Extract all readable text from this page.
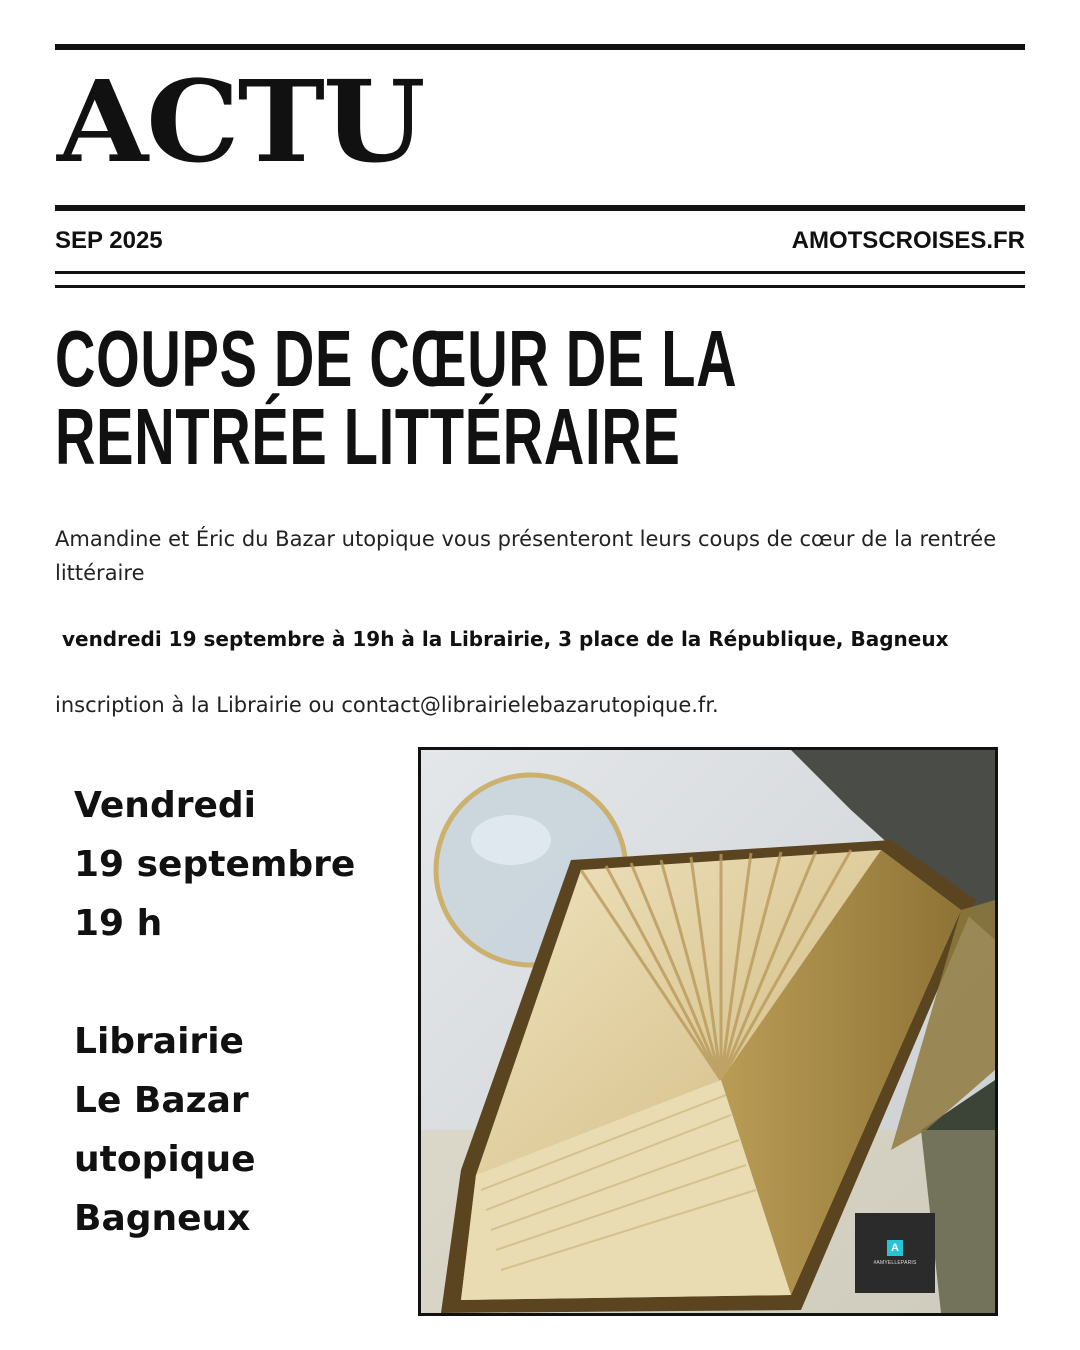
ACTU
SEP 2025	AMOTSCROISES.FR
COUPS DE CŒUR DE LA
RENTRÉE LITTÉRAIRE
Amandine et Éric du Bazar utopique vous présenteront leurs coups de cœur de la rentrée  littéraire
vendredi 19 septembre à 19h à la Librairie, 3 place de la République, Bagneux
inscription à la Librairie ou contact@librairielebazarutopique.fr.
Vendredi
19 septembre
19 h
Librairie
Le Bazar
utopique
Bagneux
A
#AMYELLEPARIS
